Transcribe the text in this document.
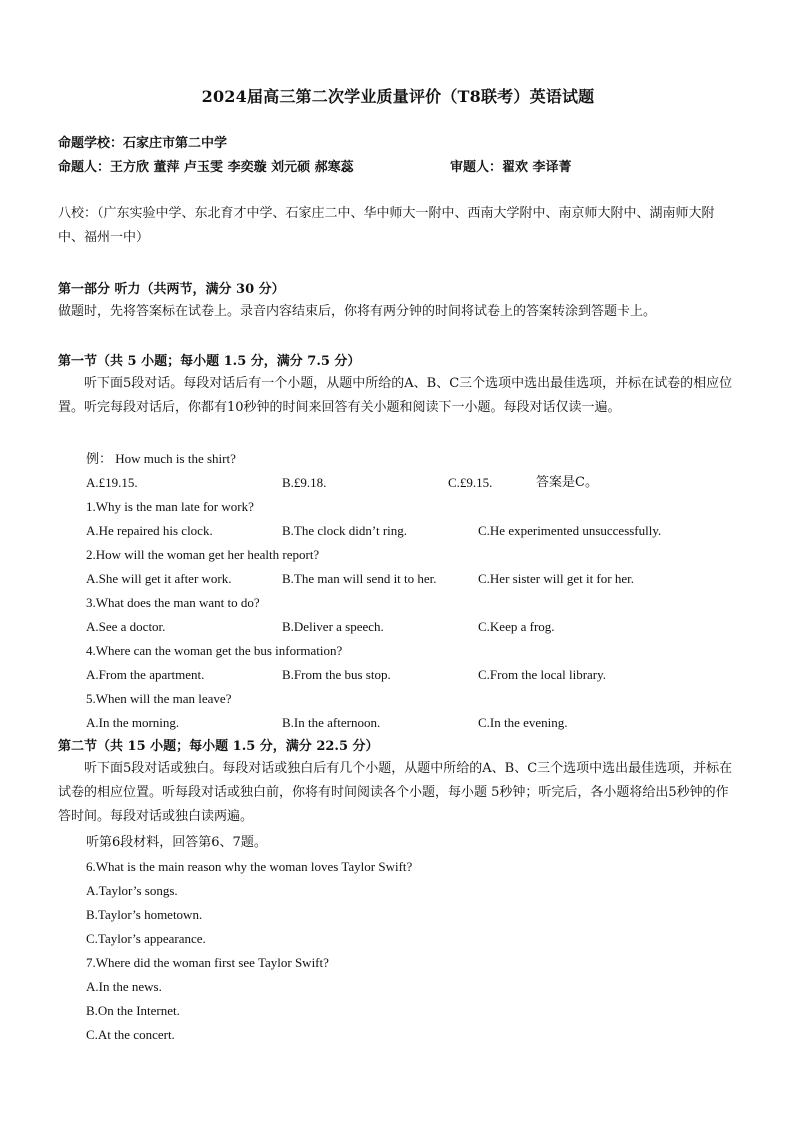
2024届高三第二次学业质量评价（T8联考）英语试题
命题学校：石家庄市第二中学
命题人：王方欣 董萍 卢玉雯 李奕璇 刘元硕 郝寒蕊	审题人：翟欢 李译菁
八校：（广东实验中学、东北育才中学、石家庄二中、华中师大一附中、西南大学附中、南京师大附中、湖南师大附中、福州一中）
第一部分 听力（共两节，满分 30 分）
做题时，先将答案标在试卷上。录音内容结束后，你将有两分钟的时间将试卷上的答案转涂到答题卡上。
第一节（共 5 小题；每小题 1.5 分，满分 7.5 分）
听下面5段对话。每段对话后有一个小题，从题中所给的A、B、C三个选项中选出最佳选项，并标在试卷的相应位置。听完每段对话后，你都有10秒钟的时间来回答有关小题和阅读下一小题。每段对话仅读一遍。
例： How much is the shirt?
A.£19.15.	B.£9.18.	C.£9.15.	答案是C。
1.Why is the man late for work?
A.He repaired his clock.	B.The clock didn’t ring.	C.He experimented unsuccessfully.
2.How will the woman get her health report?
A.She will get it after work.	B.The man will send it to her.	C.Her sister will get it for her.
3.What does the man want to do?
A.See a doctor.	B.Deliver a speech.	C.Keep a frog.
4.Where can the woman get the bus information?
A.From the apartment.	B.From the bus stop.	C.From the local library.
5.When will the man leave?
A.In the morning.	B.In the afternoon.	C.In the evening.
第二节（共 15 小题；每小题 1.5 分，满分 22.5 分）
听下面5段对话或独白。每段对话或独白后有几个小题，从题中所给的A、B、C三个选项中选出最佳选项，并标在试卷的相应位置。听每段对话或独白前，你将有时间阅读各个小题，每小题 5秒钟；听完后，各小题将给出5秒钟的作答时间。每段对话或独白读两遍。
听第6段材料，回答第6、7题。
6.What is the main reason why the woman loves Taylor Swift?
A.Taylor’s songs.
B.Taylor’s hometown.
C.Taylor’s appearance.
7.Where did the woman first see Taylor Swift?
A.In the news.
B.On the Internet.
C.At the concert.
